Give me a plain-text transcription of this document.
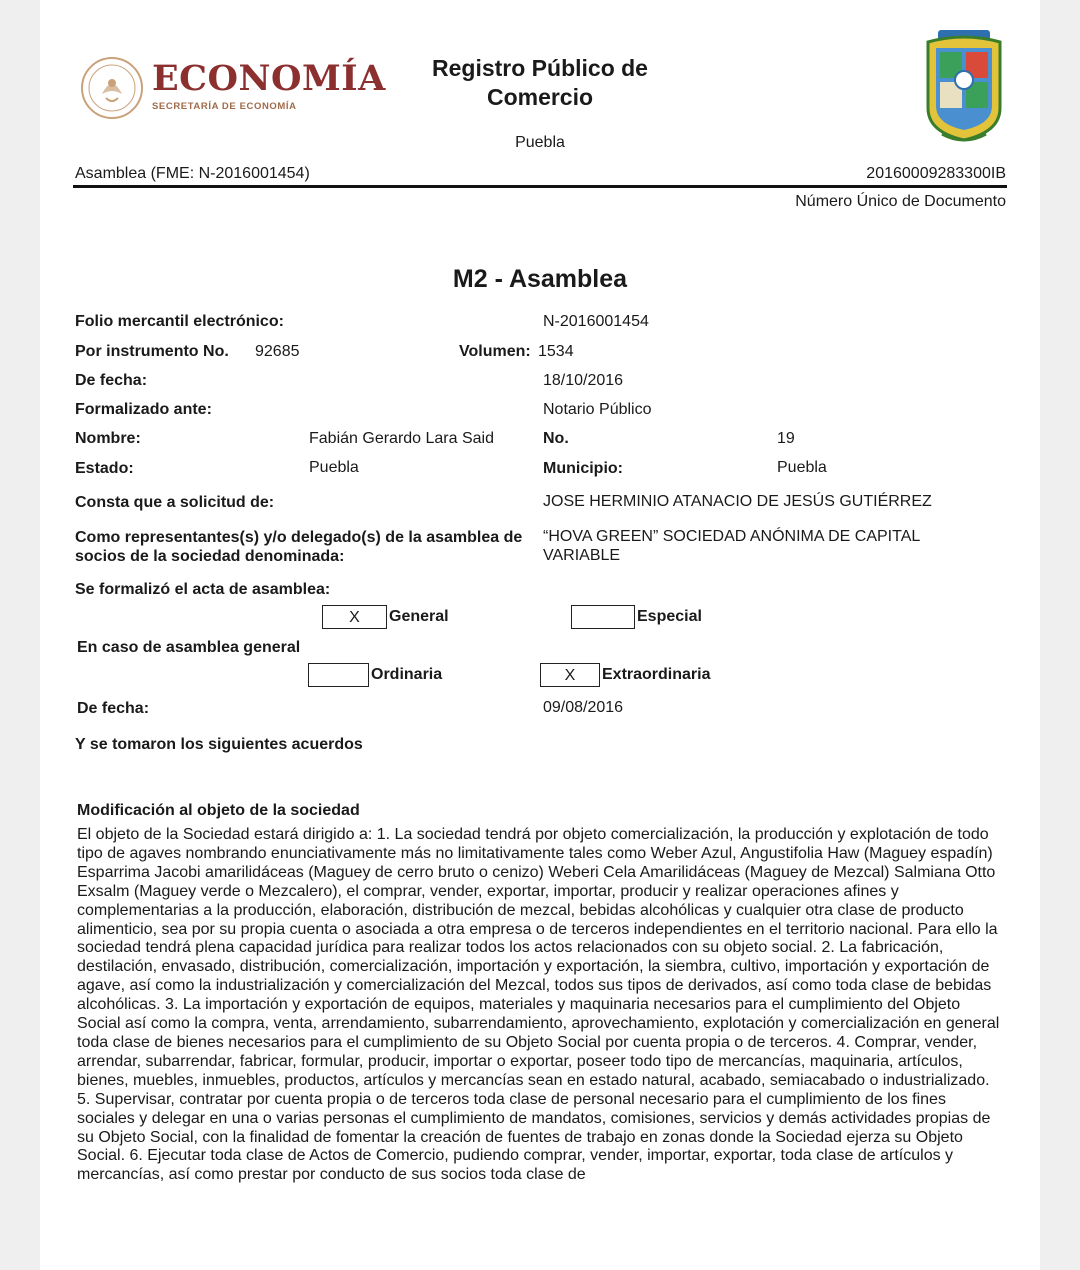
ECONOMÍA
SECRETARÍA DE ECONOMÍA
Registro Público de
Comercio
Puebla
Asamblea (FME: N-2016001454)	20160009283300IB
Número Único de Documento
M2 - Asamblea
Folio mercantil electrónico:	N-2016001454
Por instrumento No. 92685	Volumen: 1534
De fecha:	18/10/2016
Formalizado ante:	Notario Público
Nombre:	Fabián Gerardo Lara Said	No.	19
Estado:	Puebla	Municipio:	Puebla
Consta que a solicitud de:	JOSE HERMINIO ATANACIO DE JESÚS GUTIÉRREZ
Como representantes(s) y/o delegado(s) de la asamblea de
socios de la sociedad denominada:
“HOVA GREEN” SOCIEDAD ANÓNIMA DE CAPITAL
VARIABLE
Se formalizó el acta de asamblea:
X	General	Especial
En caso de asamblea general
Ordinaria	X	Extraordinaria
De fecha:	09/08/2016
Y se tomaron los siguientes acuerdos
Modificación al objeto de la sociedad
El objeto de la Sociedad estará dirigido a: 1. La sociedad tendrá por objeto comercialización, la producción y explotación de todo tipo de agaves nombrando enunciativamente más no limitativamente tales como Weber Azul, Angustifolia Haw (Maguey espadín) Esparrima Jacobi amarilidáceas (Maguey de cerro bruto o cenizo) Weberi Cela Amarilidáceas (Maguey de Mezcal) Salmiana Otto Exsalm (Maguey verde o Mezcalero), el comprar, vender, exportar, importar, producir y realizar operaciones afines y complementarias a la producción, elaboración, distribución de mezcal, bebidas alcohólicas y cualquier otra clase de producto alimenticio, sea por su propia cuenta o asociada a otra empresa o de terceros independientes en el territorio nacional. Para ello la sociedad tendrá plena capacidad jurídica para realizar todos los actos relacionados con su objeto social. 2. La fabricación, destilación, envasado, distribución, comercialización, importación y exportación, la siembra, cultivo, importación y exportación de agave, así como la industrialización y comercialización del Mezcal, todos sus tipos de derivados, así como toda clase de bebidas alcohólicas. 3. La importación y exportación de equipos, materiales y maquinaria necesarios para el cumplimiento del Objeto Social así como la compra, venta, arrendamiento, subarrendamiento, aprovechamiento, explotación y comercialización en general toda clase de bienes necesarios para el cumplimiento de su Objeto Social por cuenta propia o de terceros. 4. Comprar, vender, arrendar, subarrendar, fabricar, formular, producir, importar o exportar, poseer todo tipo de mercancías, maquinaria, artículos, bienes, muebles, inmuebles, productos, artículos y mercancías sean en estado natural, acabado, semiacabado o industrializado. 5. Supervisar, contratar por cuenta propia o de terceros toda clase de personal necesario para el cumplimiento de los fines sociales y delegar en una o varias personas el cumplimiento de mandatos, comisiones, servicios y demás actividades propias de su Objeto Social, con la finalidad de fomentar la creación de fuentes de trabajo en zonas donde la Sociedad ejerza su Objeto Social. 6. Ejecutar toda clase de Actos de Comercio, pudiendo comprar, vender, importar, exportar, toda clase de artículos y mercancías, así como prestar por conducto de sus socios toda clase de
